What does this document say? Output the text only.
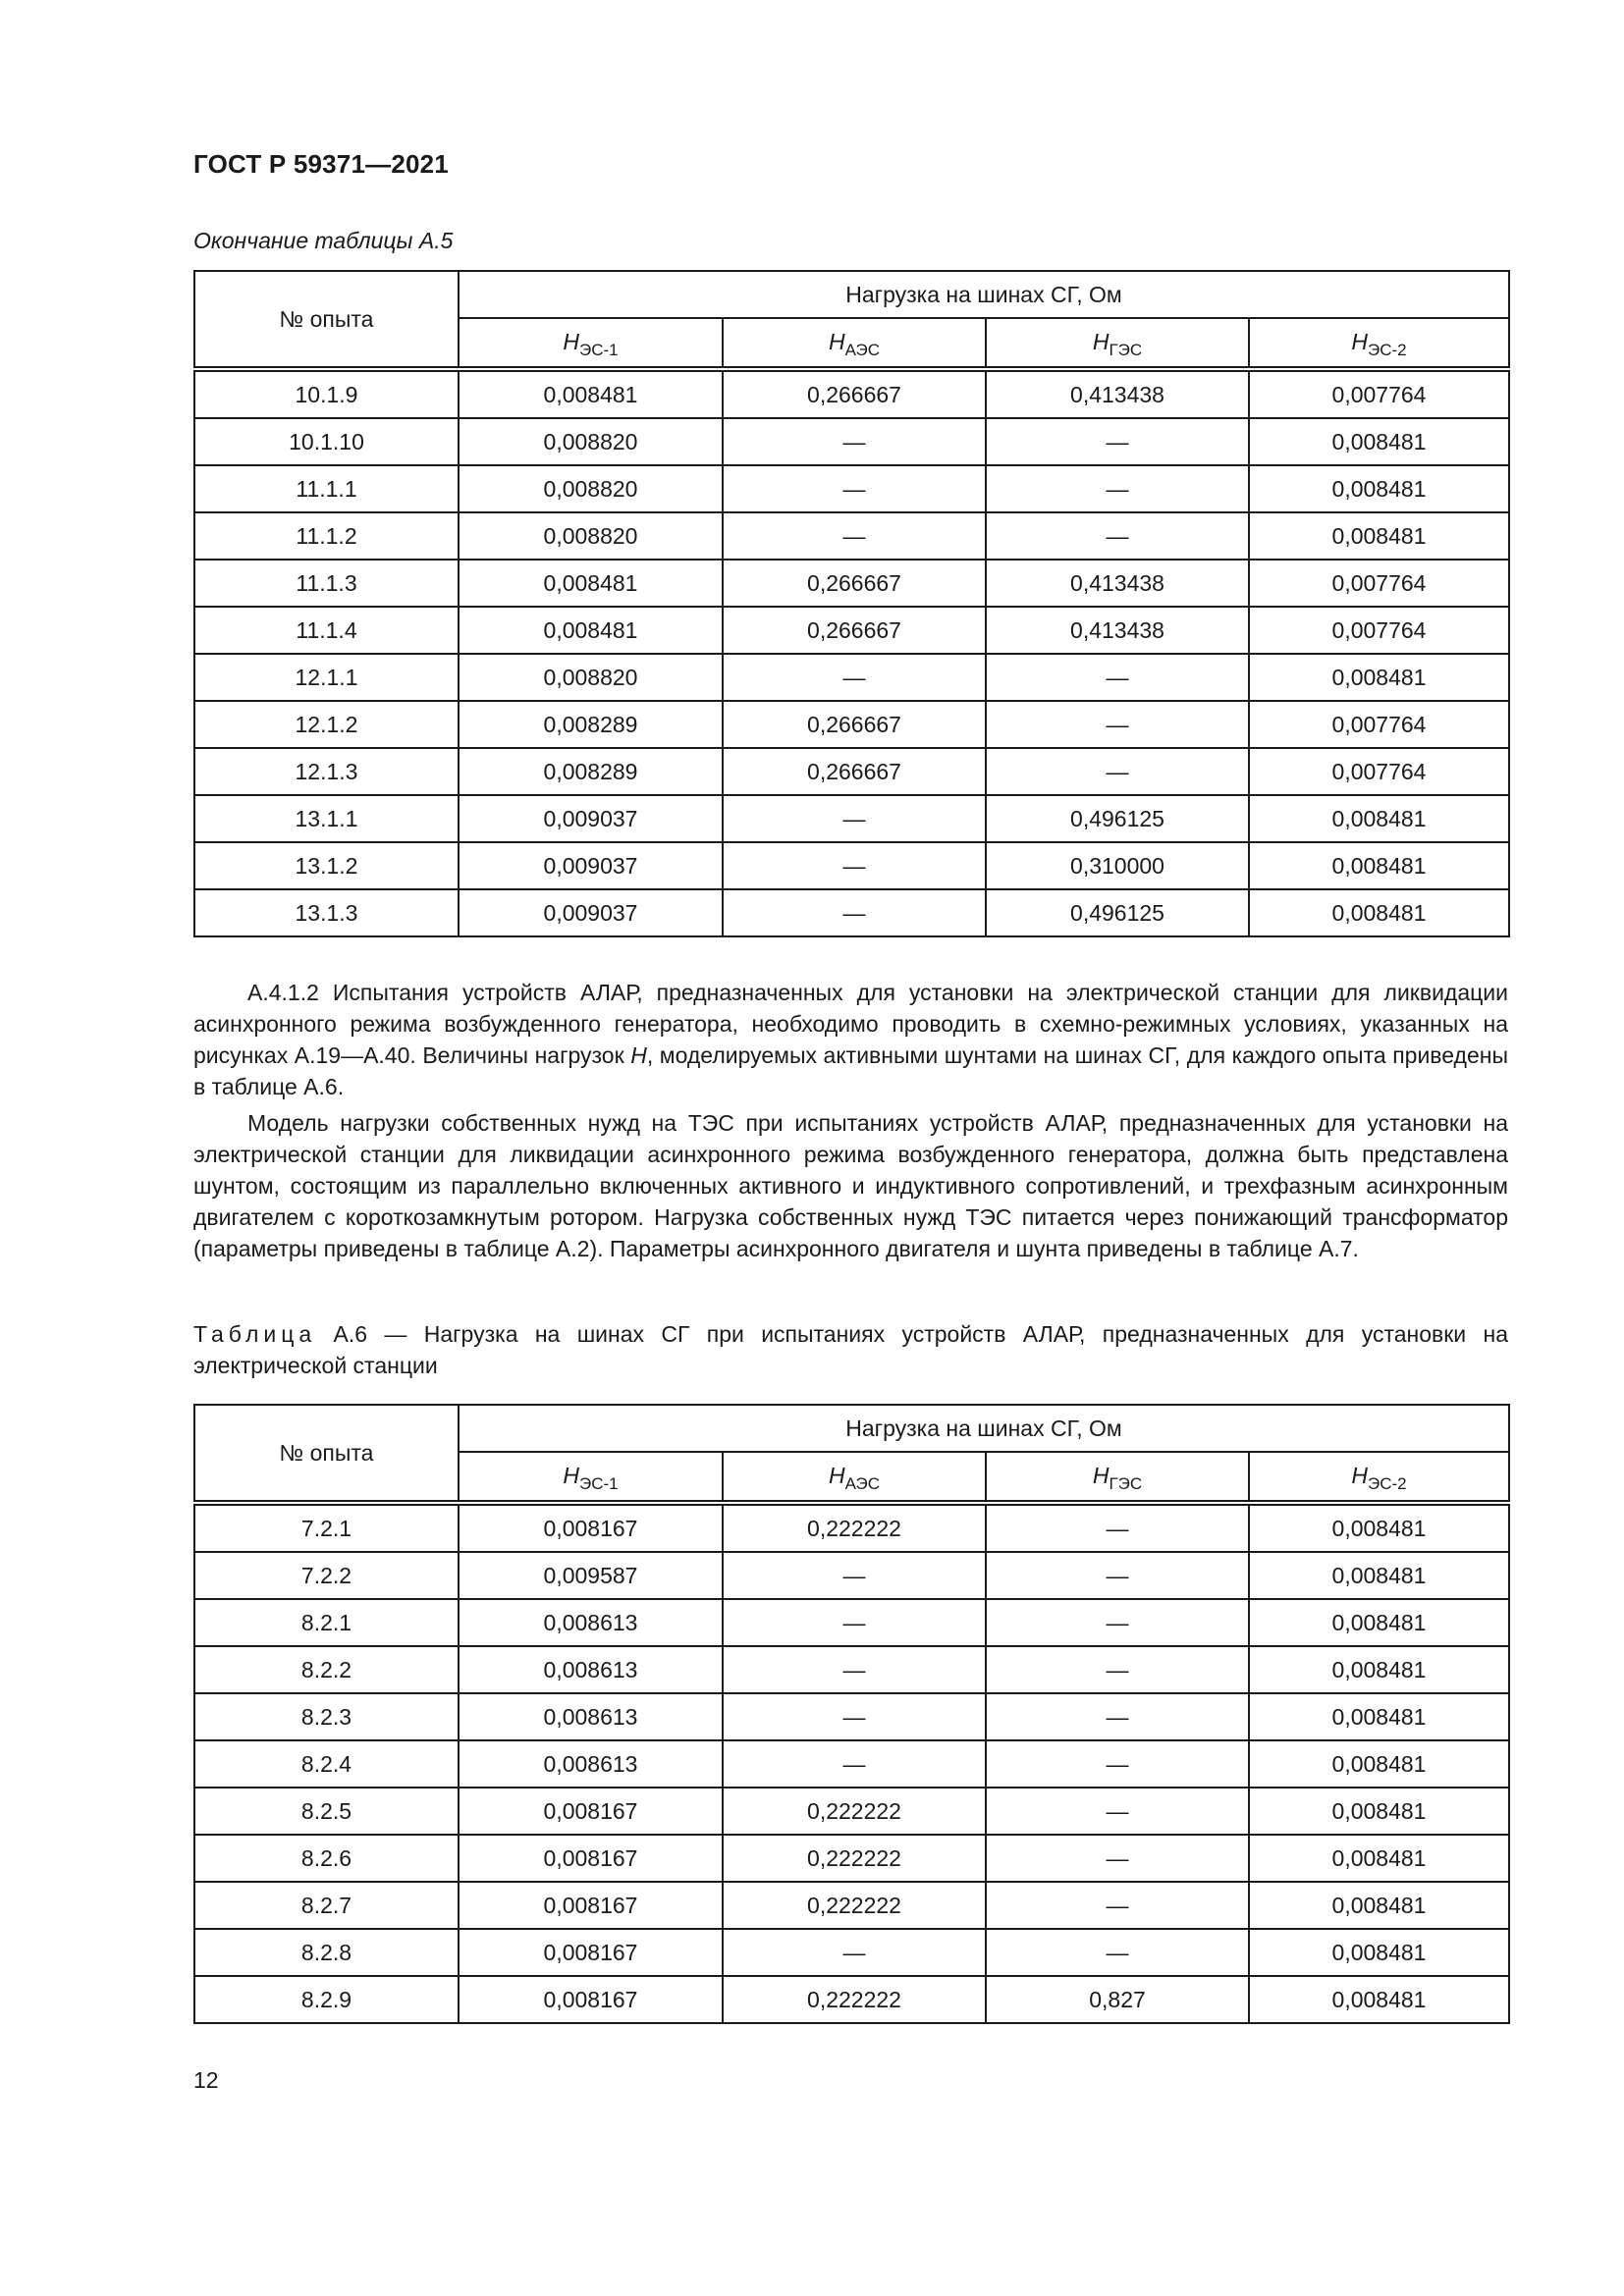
ГОСТ Р 59371—2021
Окончание таблицы А.5
№ опыта	Нагрузка на шинах СГ, Ом			
	$H_{ЭС-1}$	$H_{АЭС}$	$H_{ГЭС}$	$H_{ЭС-2}$
10.1.9	0,008481	0,266667	0,413438	0,007764
10.1.10	0,008820	—	—	0,008481
11.1.1	0,008820	—	—	0,008481
11.1.2	0,008820	—	—	0,008481
11.1.3	0,008481	0,266667	0,413438	0,007764
11.1.4	0,008481	0,266667	0,413438	0,007764
12.1.1	0,008820	—	—	0,008481
12.1.2	0,008289	0,266667	—	0,007764
12.1.3	0,008289	0,266667	—	0,007764
13.1.1	0,009037	—	0,496125	0,008481
13.1.2	0,009037	—	0,310000	0,008481
13.1.3	0,009037	—	0,496125	0,008481
А.4.1.2 Испытания устройств АЛАР, предназначенных для установки на электрической станции для ликвидации асинхронного режима возбужденного генератора, необходимо проводить в схемно-режимных условиях, указанных на рисунках А.19—А.40. Величины нагрузок H, моделируемых активными шунтами на шинах СГ, для каждого опыта приведены в таблице А.6.
Модель нагрузки собственных нужд на ТЭС при испытаниях устройств АЛАР, предназначенных для установки на электрической станции для ликвидации асинхронного режима возбужденного генератора, должна быть представлена шунтом, состоящим из параллельно включенных активного и индуктивного сопротивлений, и трехфазным асинхронным двигателем с короткозамкнутым ротором. Нагрузка собственных нужд ТЭС питается через понижающий трансформатор (параметры приведены в таблице А.2). Параметры асинхронного двигателя и шунта приведены в таблице А.7.
Таблица А.6 — Нагрузка на шинах СГ при испытаниях устройств АЛАР, предназначенных для установки на электрической станции
№ опыта	Нагрузка на шинах СГ, Ом			
	$H_{ЭС-1}$	$H_{АЭС}$	$H_{ГЭС}$	$H_{ЭС-2}$
7.2.1	0,008167	0,222222	—	0,008481
7.2.2	0,009587	—	—	0,008481
8.2.1	0,008613	—	—	0,008481
8.2.2	0,008613	—	—	0,008481
8.2.3	0,008613	—	—	0,008481
8.2.4	0,008613	—	—	0,008481
8.2.5	0,008167	0,222222	—	0,008481
8.2.6	0,008167	0,222222	—	0,008481
8.2.7	0,008167	0,222222	—	0,008481
8.2.8	0,008167	—	—	0,008481
8.2.9	0,008167	0,222222	0,827	0,008481
12
